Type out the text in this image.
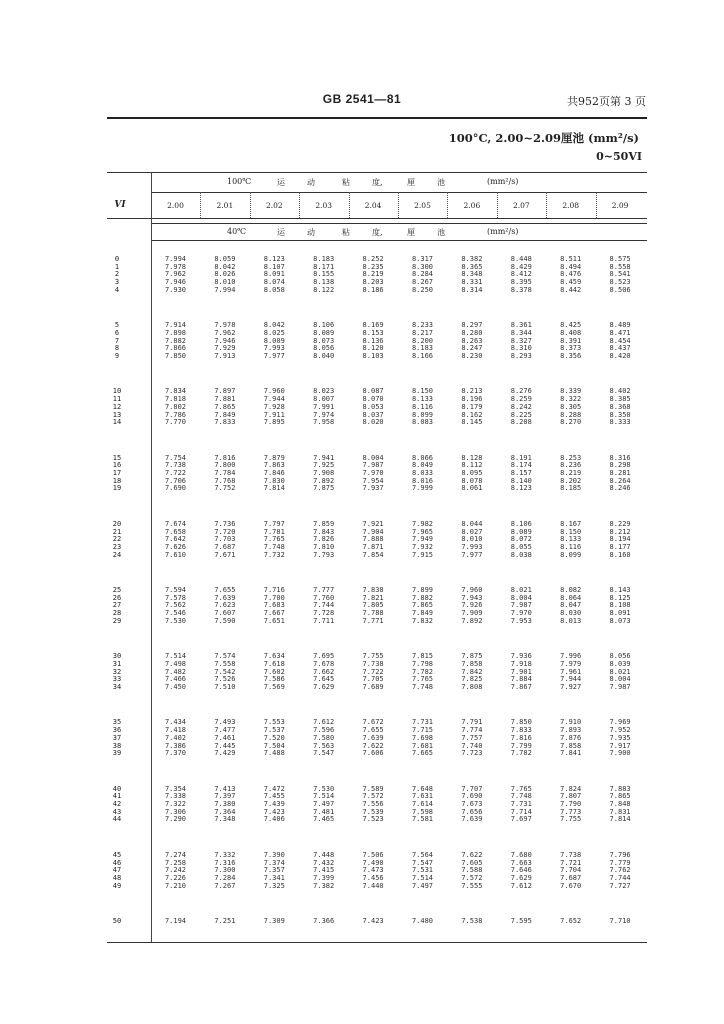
GB 2541—81	共952页第 3 页
100°C, 2.00~2.09厘池 (mm²/s)
0~50VI
VI
100℃	运	动	粘	度,	厘	池	(mm²/s)
40℃	运	动	粘	度,	厘	池	(mm²/s)
2.00	2.01	2.02	2.03	2.04	2.05	2.06	2.07	2.08	2.09
0	7.994	8.059	8.123	8.183	8.252	8.317	8.382	8.448	8.511	8.575
1	7.978	8.042	8.107	8.171	8.235	8.300	8.365	8.429	8.494	8.558
2	7.962	8.026	8.091	8.155	8.219	8.284	8.348	8.412	8.476	8.541
3	7.946	8.010	8.074	8.138	8.203	8.267	8.331	8.395	8.459	8.523
4	7.930	7.994	8.058	8.122	8.186	8.250	8.314	8.378	8.442	8.506
5	7.914	7.978	8.042	8.106	8.169	8.233	8.297	8.361	8.425	8.489
6	7.898	7.962	8.025	8.089	8.153	8.217	8.280	8.344	8.408	8.471
7	7.882	7.946	8.009	8.073	8.136	8.200	8.263	8.327	8.391	8.454
8	7.866	7.929	7.993	8.056	8.120	8.183	8.247	8.310	8.373	8.437
9	7.850	7.913	7.977	8.040	8.103	8.166	8.230	8.293	8.356	8.420
10	7.834	7.897	7.960	8.023	8.087	8.150	8.213	8.276	8.339	8.402
11	7.818	7.881	7.944	8.007	8.070	8.133	8.196	8.259	8.322	8.385
12	7.802	7.865	7.928	7.991	8.053	8.116	8.179	8.242	8.305	8.368
13	7.786	7.849	7.911	7.974	8.037	8.099	8.162	8.225	8.288	8.350
14	7.770	7.833	7.895	7.958	8.020	8.083	8.145	8.208	8.270	8.333
15	7.754	7.816	7.879	7.941	8.004	8.066	8.128	8.191	8.253	8.316
16	7.738	7.800	7.863	7.925	7.987	8.049	8.112	8.174	8.236	8.298
17	7.722	7.784	7.846	7.908	7.970	8.033	8.095	8.157	8.219	8.281
18	7.706	7.768	7.830	7.892	7.954	8.016	8.078	8.140	8.202	8.264
19	7.690	7.752	7.814	7.875	7.937	7.999	8.061	8.123	8.185	8.246
20	7.674	7.736	7.797	7.859	7.921	7.982	8.044	8.106	8.167	8.229
21	7.658	7.720	7.781	7.843	7.904	7.965	8.027	8.089	8.150	8.212
22	7.642	7.703	7.765	7.826	7.888	7.949	8.010	8.072	8.133	8.194
23	7.626	7.687	7.748	7.810	7.871	7.932	7.993	8.055	8.116	8.177
24	7.610	7.671	7.732	7.793	7.854	7.915	7.977	8.038	8.099	8.160
25	7.594	7.655	7.716	7.777	7.838	7.899	7.960	8.021	8.082	8.143
26	7.578	7.639	7.700	7.760	7.821	7.882	7.943	8.004	8.064	8.125
27	7.562	7.623	7.683	7.744	7.805	7.865	7.926	7.987	8.047	8.108
28	7.546	7.607	7.667	7.728	7.788	7.849	7.909	7.970	8.030	8.091
29	7.530	7.590	7.651	7.711	7.771	7.832	7.892	7.953	8.013	8.073
30	7.514	7.574	7.634	7.695	7.755	7.815	7.875	7.936	7.996	8.056
31	7.498	7.558	7.618	7.678	7.738	7.798	7.858	7.918	7.979	8.039
32	7.482	7.542	7.602	7.662	7.722	7.782	7.842	7.901	7.961	8.021
33	7.466	7.526	7.586	7.645	7.705	7.765	7.825	7.884	7.944	8.004
34	7.450	7.510	7.569	7.629	7.689	7.748	7.808	7.867	7.927	7.987
35	7.434	7.493	7.553	7.612	7.672	7.731	7.791	7.850	7.910	7.969
36	7.418	7.477	7.537	7.596	7.655	7.715	7.774	7.833	7.893	7.952
37	7.402	7.461	7.520	7.580	7.639	7.698	7.757	7.816	7.876	7.935
38	7.386	7.445	7.504	7.563	7.622	7.681	7.740	7.799	7.858	7.917
39	7.370	7.429	7.488	7.547	7.606	7.665	7.723	7.782	7.841	7.900
40	7.354	7.413	7.472	7.530	7.589	7.648	7.707	7.765	7.824	7.883
41	7.338	7.397	7.455	7.514	7.572	7.631	7.690	7.748	7.807	7.865
42	7.322	7.380	7.439	7.497	7.556	7.614	7.673	7.731	7.790	7.848
43	7.306	7.364	7.423	7.481	7.539	7.598	7.656	7.714	7.773	7.831
44	7.290	7.348	7.406	7.465	7.523	7.581	7.639	7.697	7.755	7.814
45	7.274	7.332	7.390	7.448	7.506	7.564	7.622	7.680	7.738	7.796
46	7.258	7.316	7.374	7.432	7.490	7.547	7.605	7.663	7.721	7.779
47	7.242	7.300	7.357	7.415	7.473	7.531	7.588	7.646	7.704	7.762
48	7.226	7.284	7.341	7.399	7.456	7.514	7.572	7.629	7.687	7.744
49	7.210	7.267	7.325	7.382	7.440	7.497	7.555	7.612	7.670	7.727
50	7.194	7.251	7.309	7.366	7.423	7.480	7.538	7.595	7.652	7.710
